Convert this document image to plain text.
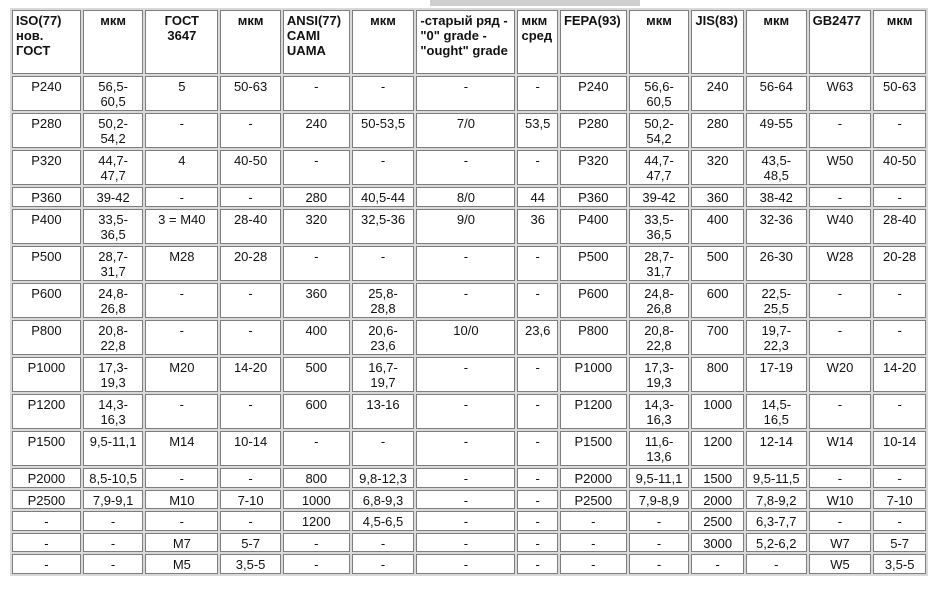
ISO(77) нов. ГОСТ	мкм	ГОСТ 3647	мкм	ANSI(77) CAMI UAMA	мкм	-старый ряд -"0" grade -"ought" grade	мкм сред	FEPA(93)	мкм	JIS(83)	мкм	GB2477	мкм
P240	56,5-60,5	5	50-63	-	-	-	-	P240	56,6-60,5	240	56-64	W63	50-63
P280	50,2-54,2	-	-	240	50-53,5	7/0	53,5	P280	50,2-54,2	280	49-55	-	-
P320	44,7-47,7	4	40-50	-	-	-	-	P320	44,7-47,7	320	43,5-48,5	W50	40-50
P360	39-42	-	-	280	40,5-44	8/0	44	P360	39-42	360	38-42	-	-
P400	33,5-36,5	3 = M40	28-40	320	32,5-36	9/0	36	P400	33,5-36,5	400	32-36	W40	28-40
P500	28,7-31,7	M28	20-28	-	-	-	-	P500	28,7-31,7	500	26-30	W28	20-28
P600	24,8-26,8	-	-	360	25,8-28,8	-	-	P600	24,8-26,8	600	22,5-25,5	-	-
P800	20,8-22,8	-	-	400	20,6-23,6	10/0	23,6	P800	20,8-22,8	700	19,7-22,3	-	-
P1000	17,3-19,3	M20	14-20	500	16,7-19,7	-	-	P1000	17,3-19,3	800	17-19	W20	14-20
P1200	14,3-16,3	-	-	600	13-16	-	-	P1200	14,3-16,3	1000	14,5-16,5	-	-
P1500	9,5-11,1	M14	10-14	-	-	-	-	P1500	11,6-13,6	1200	12-14	W14	10-14
P2000	8,5-10,5	-	-	800	9,8-12,3	-	-	P2000	9,5-11,1	1500	9,5-11,5	-	-
P2500	7,9-9,1	M10	7-10	1000	6,8-9,3	-	-	P2500	7,9-8,9	2000	7,8-9,2	W10	7-10
-	-	-	-	1200	4,5-6,5	-	-	-	-	2500	6,3-7,7	-	-
-	-	M7	5-7	-	-	-	-	-	-	3000	5,2-6,2	W7	5-7
-	-	M5	3,5-5	-	-	-	-	-	-	-	-	W5	3,5-5
